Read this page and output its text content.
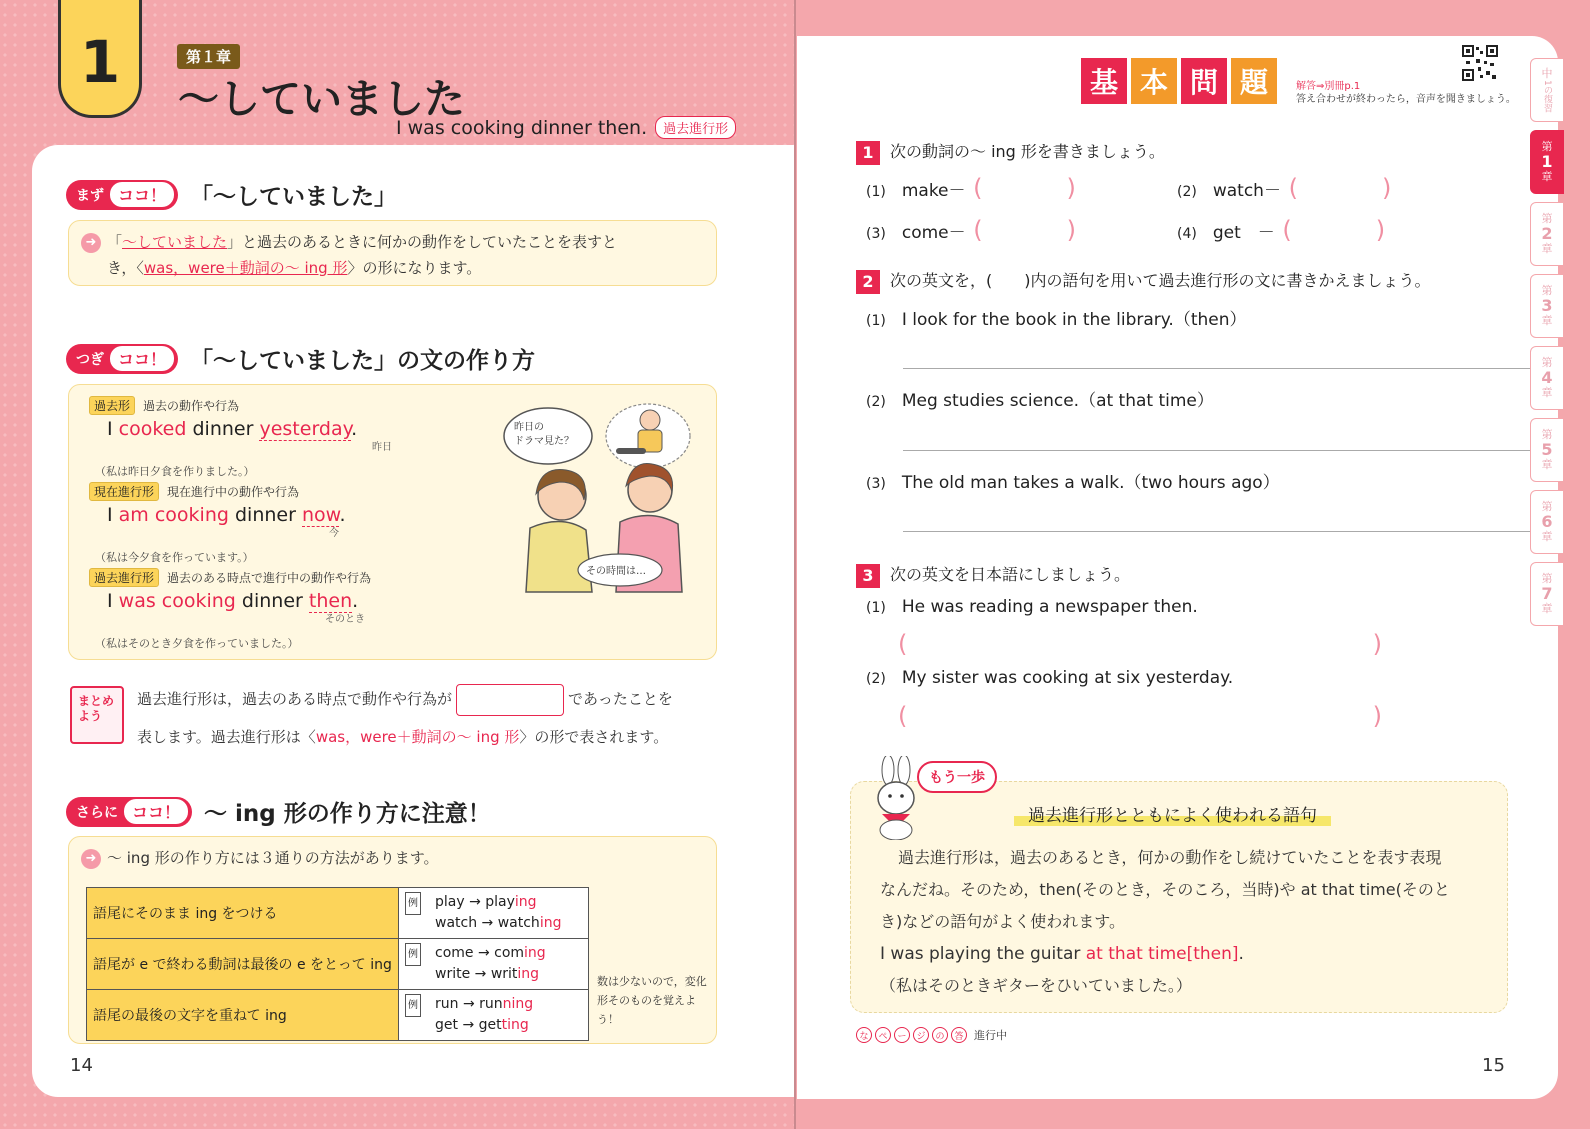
1	第１章
〜していました
I was cooking dinner then.	過去進行形
まず ココ！	「〜していました」
➜ 「〜していました」と過去のあるときに何かの動作をしていたことを表すと
き，〈was，were＋動詞の〜 ing 形〉の形になります。
つぎ ココ！	「〜していました」の文の作り方
過去形 過去の動作や行為
I cooked dinner yesterday.
昨日
（私は昨日夕食を作りました。）
現在進行形 現在進行中の動作や行為
I am cooking dinner now.
今
（私は今夕食を作っています。）
過去進行形 過去のある時点で進行中の動作や行為
I was cooking dinner then.
そのとき
（私はそのとき夕食を作っていました。）
昨日の
ドラマ見た？
その時間は…
まとめよう
過去進行形は，過去のある時点で動作や行為が	であったことを
表します。過去進行形は〈was，were＋動詞の〜 ing 形〉の形で表されます。
さらに ココ！	〜 ing 形の作り方に注意！
➜ 〜 ing 形の作り方には３通りの方法があります。
語尾にそのまま ing をつける	例 play → playing
watch → watching
語尾が e で終わる動詞は最後の e をとって ing	例 come → coming
write → writing
語尾の最後の文字を重ねて ing	例 run → running
get → getting
数は少ないので，変化形そのものを覚えよう！
14
基 本 問 題	解答⇒別冊p.1
答え合わせが終わったら，音声を聞きましょう。
1 次の動詞の〜 ing 形を書きましょう。
(1) make－ (	)	(2) watch－ (	)
(3) come－ (	)	(4) get　－ (	)
2 次の英文を，(　　)内の語句を用いて過去進行形の文に書きかえましょう。
(1) I look for the book in the library.（then）
(2) Meg studies science.（at that time）
(3) The old man takes a walk.（two hours ago）
3 次の英文を日本語にしましょう。
(1) He was reading a newspaper then.
(	)
(2) My sister was cooking at six yesterday.
(	)
もう一歩
過去進行形とともによく使われる語句
過去進行形は，過去のあるとき，何かの動作をし続けていたことを表す表現
なんだね。そのため，then(そのとき，そのころ，当時)や at that time(そのと
き)などの語句がよく使われます。
I was playing the guitar at that time[then].
（私はそのときギターをひいていました。）
な	ぺ	ー	ジ	の	答 進行中
15
中
1の復習
第
1
章
第
2
章
第
3
章
第
4
章
第
5
章
第
6
章
第
7
章
